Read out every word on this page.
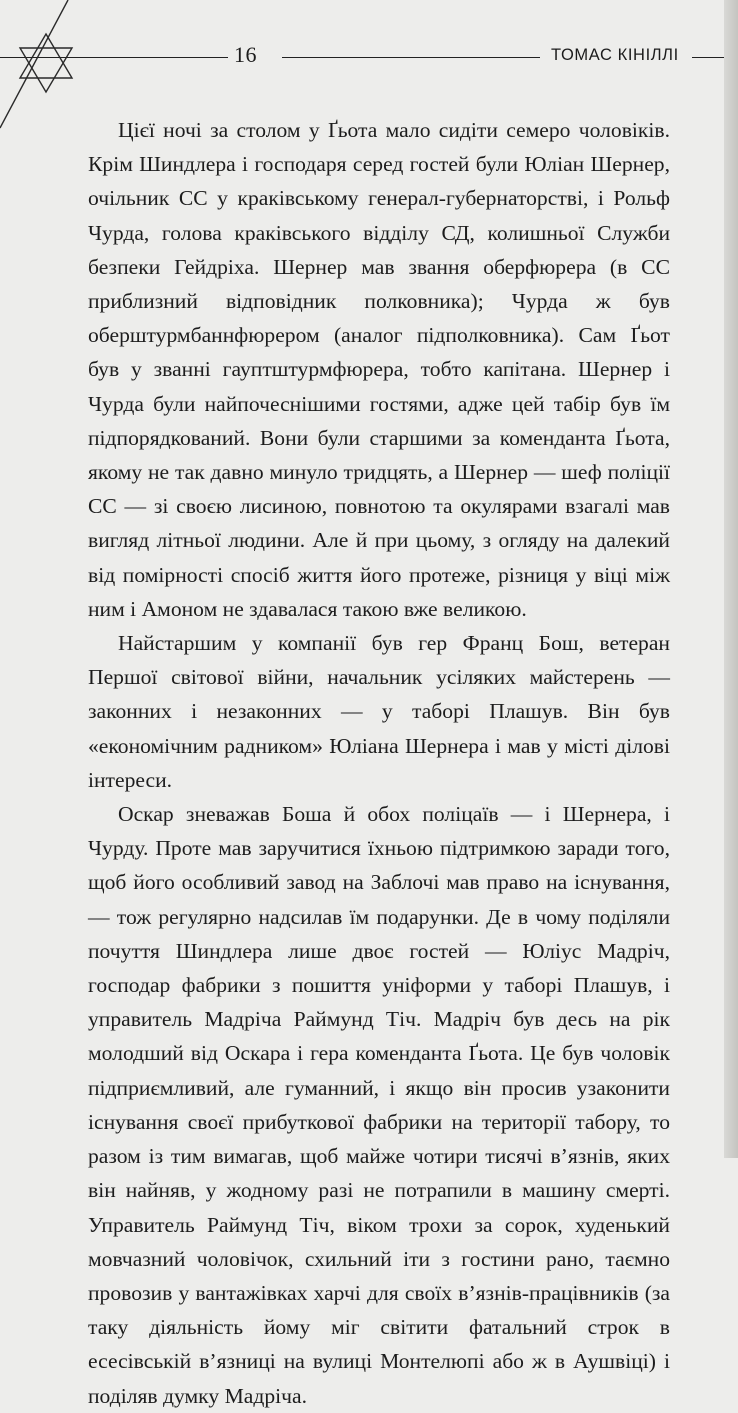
16	ТОМАС КІНІЛЛІ

Цієї ночі за столом у Ґьота мало сидіти семеро чоловіків. Крім Шиндлера і господаря серед гостей були Юліан Шернер, очільник СС у краківському генерал-губернаторстві, і Рольф Чурда, голова краківського відділу СД, колишньої Служби безпеки Гейдріха. Шернер мав звання оберфюрера (в СС приблизний відповідник полковника); Чурда ж був оберштурмбаннфюрером (аналог підполковника). Сам Ґьот був у званні гауптштурмфюрера, тобто капітана. Шернер і Чурда були найпочеснішими гостями, адже цей табір був їм підпорядкований. Вони були старшими за коменданта Ґьота, якому не так давно минуло тридцять, а Шернер — шеф поліції СС — зі своєю лисиною, повнотою та окулярами взагалі мав вигляд літньої людини. Але й при цьому, з огляду на далекий від помірності спосіб життя його протеже, різниця у віці між ним і Амоном не здавалася такою вже великою.

Найстаршим у компанії був гер Франц Бош, ветеран Першої світової війни, начальник усіляких майстерень — законних і незаконних — у таборі Плашув. Він був «економічним радником» Юліана Шернера і мав у місті ділові інтереси.

Оскар зневажав Боша й обох поліцаїв — і Шернера, і Чурду. Проте мав заручитися їхньою підтримкою заради того, щоб його особливий завод на Заблочі мав право на існування, — тож регулярно надсилав їм подарунки. Де в чому поділяли почуття Шиндлера лише двоє гостей — Юліус Мадріч, господар фабрики з пошиття уніформи у таборі Плашув, і управитель Мадріча Раймунд Тіч. Мадріч був десь на рік молодший від Оскара і гера коменданта Ґьота. Це був чоловік підприємливий, але гуманний, і якщо він просив узаконити існування своєї прибуткової фабрики на території табору, то разом із тим вимагав, щоб майже чотири тисячі в’язнів, яких він найняв, у жодному разі не потрапили в машину смерті. Управитель Раймунд Тіч, віком трохи за сорок, худенький мовчазний чоловічок, схильний іти з гостини рано, таємно провозив у вантажівках харчі для своїх в’язнів-працівників (за таку діяльність йому міг світити фатальний строк в есесівській в’язниці на вулиці Монтелюпі або ж в Аушвіці) і поділяв думку Мадріча.
